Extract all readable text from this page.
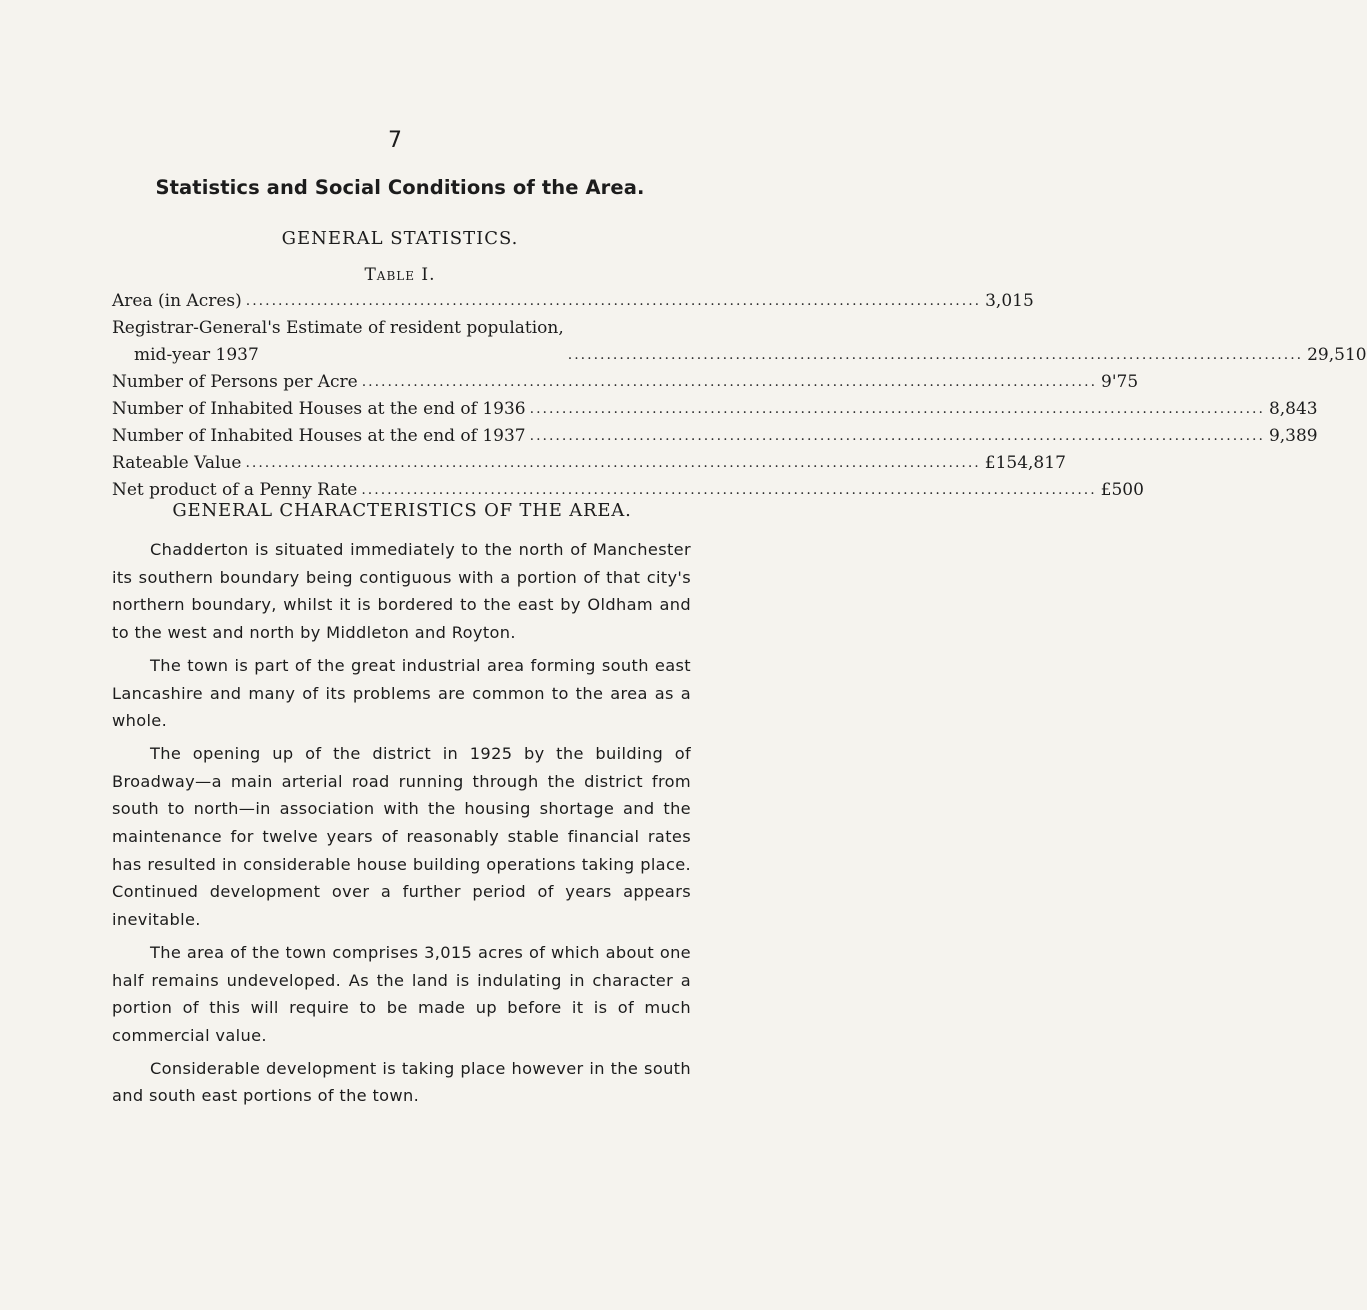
7
Statistics and Social Conditions of the Area.
GENERAL STATISTICS.
Table I.
Area (in Acres) .................................................................................................................. 3,015
Registrar-General's Estimate of resident population,
mid-year 1937	.................................................................................................................. 29,510
Number of Persons per Acre .................................................................................................................. 9'75
Number of Inhabited Houses at the end of 1936 .................................................................................................................. 8,843
Number of Inhabited Houses at the end of 1937 .................................................................................................................. 9,389
Rateable Value .................................................................................................................. £154,817
Net product of a Penny Rate .................................................................................................................. £500
GENERAL CHARACTERISTICS OF THE AREA.

Chadderton is situated immediately to the north of Manchester its southern boundary being contiguous with a portion of that city's northern boundary, whilst it is bordered to the east by Oldham and to the west and north by Middleton and Royton.

The town is part of the great industrial area forming south east Lancashire and many of its problems are common to the area as a whole.

The opening up of the district in 1925 by the building of Broadway—a main arterial road running through the district from south to north—in association with the housing shortage and the maintenance for twelve years of reasonably stable financial rates has resulted in considerable house building operations taking place. Continued development over a further period of years appears inevitable.

The area of the town comprises 3,015 acres of which about one half remains undeveloped. As the land is indulating in character a portion of this will require to be made up before it is of much commercial value.

Considerable development is taking place however in the south and south east portions of the town.
